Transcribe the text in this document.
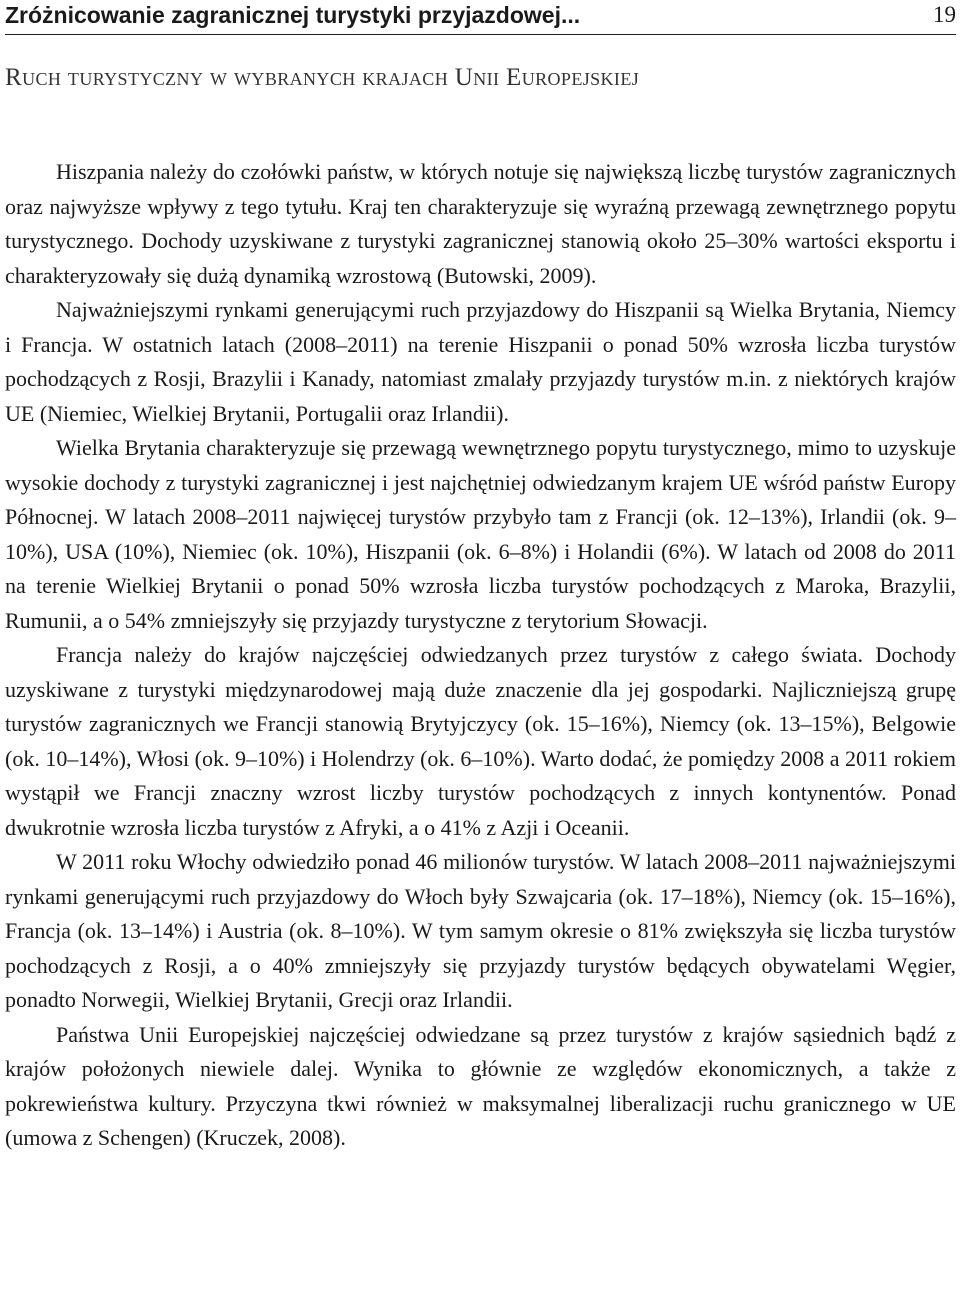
Zróżnicowanie zagranicznej turystyki przyjazdowej...	19
Ruch turystyczny w wybranych krajach Unii Europejskiej

Hiszpania należy do czołówki państw, w których notuje się największą liczbę turystów zagranicznych oraz najwyższe wpływy z tego tytułu. Kraj ten charakteryzuje się wyraźną przewagą zewnętrznego popytu turystycznego. Dochody uzyskiwane z turystyki zagranicznej stanowią około 25–30% wartości eksportu i charakteryzowały się dużą dynamiką wzrostową (Butowski, 2009).

Najważniejszymi rynkami generującymi ruch przyjazdowy do Hiszpanii są Wielka Brytania, Niemcy i Francja. W ostatnich latach (2008–2011) na terenie Hiszpanii o ponad 50% wzrosła liczba turystów pochodzących z Rosji, Brazylii i Kanady, natomiast zmalały przyjazdy turystów m.in. z niektórych krajów UE (Niemiec, Wielkiej Brytanii, Portugalii oraz Irlandii).

Wielka Brytania charakteryzuje się przewagą wewnętrznego popytu turystycznego, mimo to uzyskuje wysokie dochody z turystyki zagranicznej i jest najchętniej odwiedzanym krajem UE wśród państw Europy Północnej. W latach 2008–2011 najwięcej turystów przybyło tam z Francji (ok. 12–13%), Irlandii (ok. 9–10%), USA (10%), Niemiec (ok. 10%), Hiszpanii (ok. 6–8%) i Holandii (6%). W latach od 2008 do 2011 na terenie Wielkiej Brytanii o ponad 50% wzrosła liczba turystów pochodzących z Maroka, Brazylii, Rumunii, a o 54% zmniejszyły się przyjazdy turystyczne z terytorium Słowacji.

Francja należy do krajów najczęściej odwiedzanych przez turystów z całego świata. Dochody uzyskiwane z turystyki międzynarodowej mają duże znaczenie dla jej gospodarki. Najliczniejszą grupę turystów zagranicznych we Francji stanowią Brytyjczycy (ok. 15–16%), Niemcy (ok. 13–15%), Belgowie (ok. 10–14%), Włosi (ok. 9–10%) i Holendrzy (ok. 6–10%). Warto dodać, że pomiędzy 2008 a 2011 rokiem wystąpił we Francji znaczny wzrost liczby turystów pochodzących z innych kontynentów. Ponad dwukrotnie wzrosła liczba turystów z Afryki, a o 41% z Azji i Oceanii.

W 2011 roku Włochy odwiedziło ponad 46 milionów turystów. W latach 2008–2011 najważniejszymi rynkami generującymi ruch przyjazdowy do Włoch były Szwajcaria (ok. 17–18%), Niemcy (ok. 15–16%), Francja (ok. 13–14%) i Austria (ok. 8–10%). W tym samym okresie o 81% zwiększyła się liczba turystów pochodzących z Rosji, a o 40% zmniejszyły się przyjazdy turystów będących obywatelami Węgier, ponadto Norwegii, Wielkiej Brytanii, Grecji oraz Irlandii.

Państwa Unii Europejskiej najczęściej odwiedzane są przez turystów z krajów sąsiednich bądź z krajów położonych niewiele dalej. Wynika to głównie ze względów ekonomicznych, a także z pokrewieństwa kultury. Przyczyna tkwi również w maksymalnej liberalizacji ruchu granicznego w UE (umowa z Schengen) (Kruczek, 2008).
